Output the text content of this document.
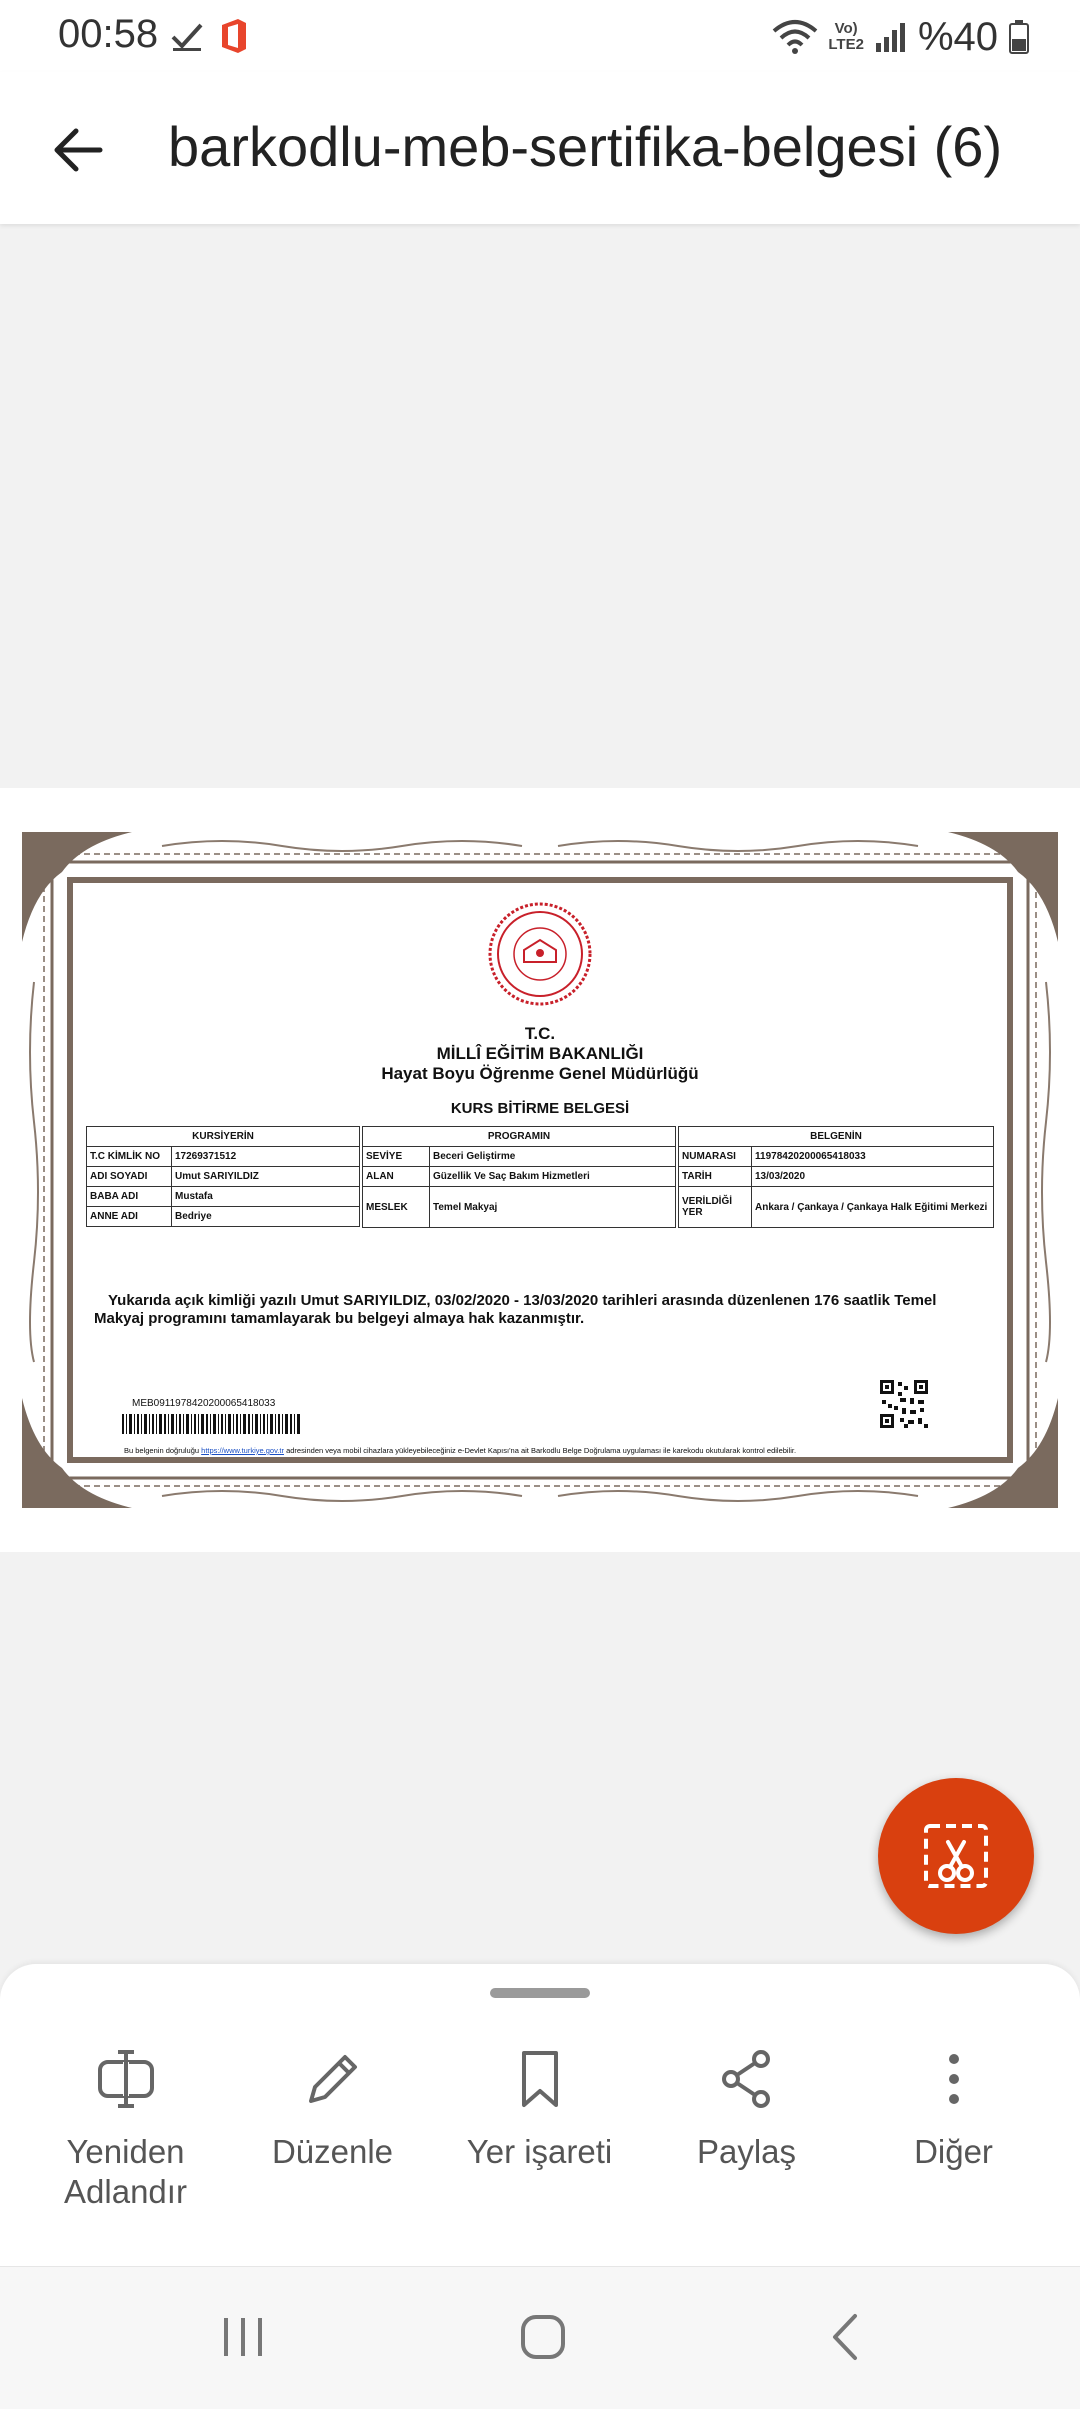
00:58	Vo)
LTE2 %40
barkodlu-meb-sertifika-belgesi (6)
T.C.
MİLLÎ EĞİTİM BAKANLIĞI
Hayat Boyu Öğrenme Genel Müdürlüğü
KURS BİTİRME BELGESİ
KURSİYERİN	
T.C KİMLİK NO	17269371512
ADI SOYADI	Umut SARIYILDIZ
BABA ADI	Mustafa
ANNE ADI	Bedriye
PROGRAMIN	
SEVİYE	Beceri Geliştirme
ALAN	Güzellik Ve Saç Bakım Hizmetleri
MESLEK	Temel Makyaj
BELGENİN	
NUMARASI	11978420200065418033
TARİH	13/03/2020
VERİLDİĞİ YER	Ankara / Çankaya / Çankaya Halk Eğitimi Merkezi
Yukarıda açık kimliği yazılı Umut SARIYILDIZ, 03/02/2020 - 13/03/2020 tarihleri arasında düzenlenen 176 saatlik Temel
Makyaj programını tamamlayarak bu belgeyi almaya hak kazanmıştır.
MEB09119784202000654180​33
Bu belgenin doğruluğu https://www.turkiye.gov.tr adresinden veya mobil cihazlara yükleyebileceğiniz e-Devlet Kapısı'na ait Barkodlu Belge Doğrulama uygulaması ile karekodu okutularak kontrol edilebilir.
Yeniden Adlandır
Düzenle Yer işareti	Paylaş	Diğer
